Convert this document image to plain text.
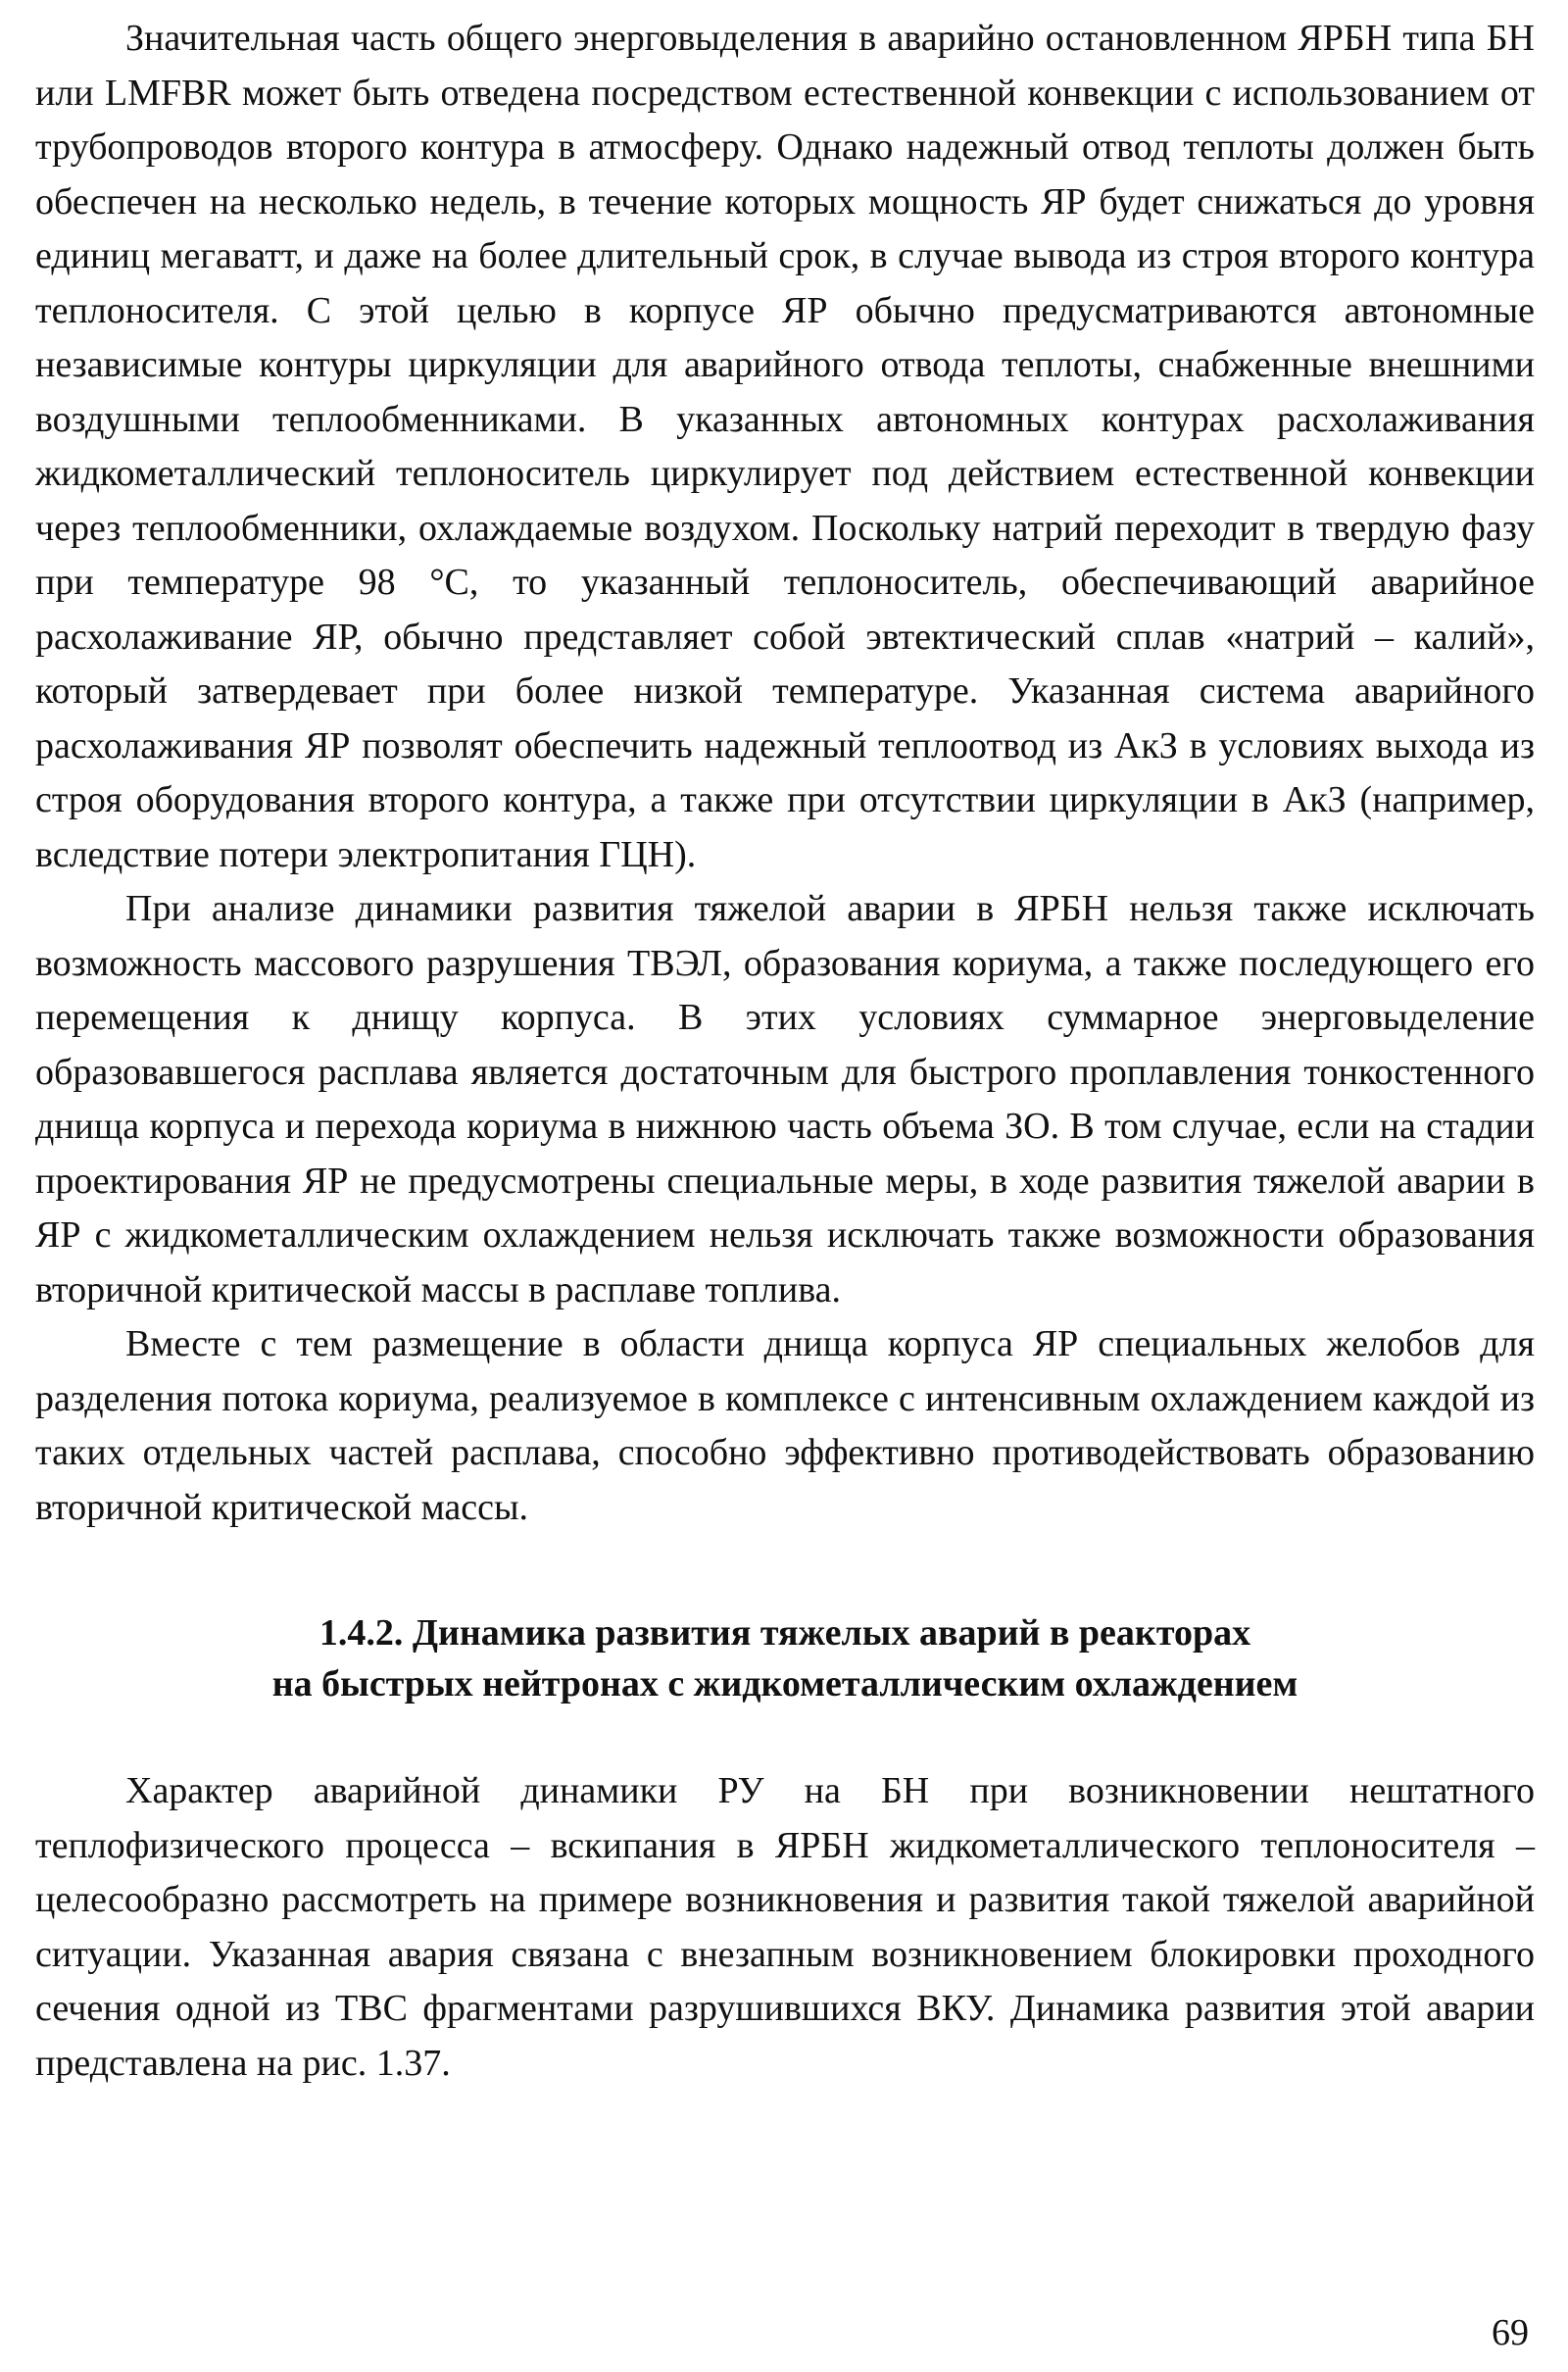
Значительная часть общего энерговыделения в аварийно остановленном ЯРБН типа БН или LMFBR может быть отведена посредством естественной конвекции с использованием от трубопроводов второго контура в атмосферу. Однако надежный отвод теплоты должен быть обеспечен на несколько недель, в течение которых мощность ЯР будет снижаться до уровня единиц мегаватт, и даже на более длительный срок, в случае вывода из строя второго контура теплоносителя. С этой целью в корпусе ЯР обычно предусматриваются автономные независимые контуры циркуляции для аварийного отвода теплоты, снабженные внешними воздушными теплообменниками. В указанных автономных контурах расхолаживания жидкометаллический теплоноситель циркулирует под действием естественной конвекции через теплообменники, охлаждаемые воздухом. Поскольку натрий переходит в твердую фазу при температуре 98 °С, то указанный теплоноситель, обеспечивающий аварийное расхолаживание ЯР, обычно представляет собой эвтектический сплав «натрий – калий», который затвердевает при более низкой температуре. Указанная система аварийного расхолаживания ЯР позволят обеспечить надежный теплоотвод из АкЗ в условиях выхода из строя оборудования второго контура, а также при отсутствии циркуляции в АкЗ (например, вследствие потери электропитания ГЦН).

При анализе динамики развития тяжелой аварии в ЯРБН нельзя также исключать возможность массового разрушения ТВЭЛ, образования кориума, а также последующего его перемещения к днищу корпуса. В этих условиях суммарное энерговыделение образовавшегося расплава является достаточным для быстрого проплавления тонкостенного днища корпуса и перехода кориума в нижнюю часть объема ЗО. В том случае, если на стадии проектирования ЯР не предусмотрены специальные меры, в ходе развития тяжелой аварии в ЯР с жидкометаллическим охлаждением нельзя исключать также возможности образования вторичной критической массы в расплаве топлива.

Вместе с тем размещение в области днища корпуса ЯР специальных желобов для разделения потока кориума, реализуемое в комплексе с интенсивным охлаждением каждой из таких отдельных частей расплава, способно эффективно противодействовать образованию вторичной критической массы.

1.4.2. Динамика развития тяжелых аварий в реакторах
на быстрых нейтронах с жидкометаллическим охлаждением

Характер аварийной динамики РУ на БН при возникновении нештатного теплофизического процесса – вскипания в ЯРБН жидкометаллического теплоносителя – целесообразно рассмотреть на примере возникновения и развития такой тяжелой аварийной ситуации. Указанная авария связана с внезапным возникновением блокировки проходного сечения одной из ТВС фрагментами разрушившихся ВКУ. Динамика развития этой аварии представлена на рис. 1.37.

69
